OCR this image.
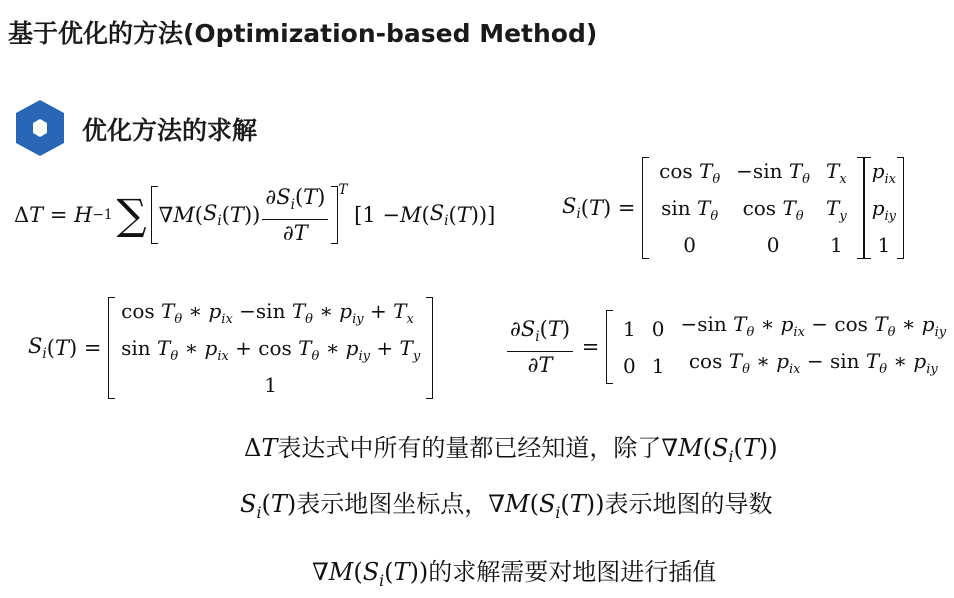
基于优化的方法(Optimization-based Method)
优化方法的求解
Δ T = H −1 ∑ ∇ M ( $S_i$ ( T )) $\frac{\partial S_i(T)}{\partial T} ^T$

[1 − M ( $S_i$ ( T )) ]	$S_i$ ( T ) =
$\cos T_\theta$	−sin $T_\theta$	$T_x$
$\sin T_\theta$	$\cos T_\theta$	$T_y$
0	0	1
$p_{ix}$
$p_{iy}$
1
$S_i$ ( T ) =
$\cos T_\theta$ ∗ $p_{ix} -\sin$ $T_\theta$ ∗ $p_{iy} + T_x$
$\sin T_\theta$ ∗ $p_{ix} + \cos T_\theta$ ∗ $p_{iy} + T_y$
1
$\frac{\partial S_i(T)}{\partial T}$ =
1	0	−sin $T_\theta$ ∗ $p_{ix} - \cos T_\theta$ ∗ $p_{iy}$
0	1	$\cos T_\theta$ ∗ $p_{ix} - \sin T_\theta$ ∗ $p_{iy}$
ΔT表达式中所有的量都已经知道，除了$\nabla M(S_i(T))$
$S_i(T)$表示地图坐标点，$\nabla M(S_i(T))$表示地图的导数
$\nabla M(S_i(T))$的求解需要对地图进行插值
